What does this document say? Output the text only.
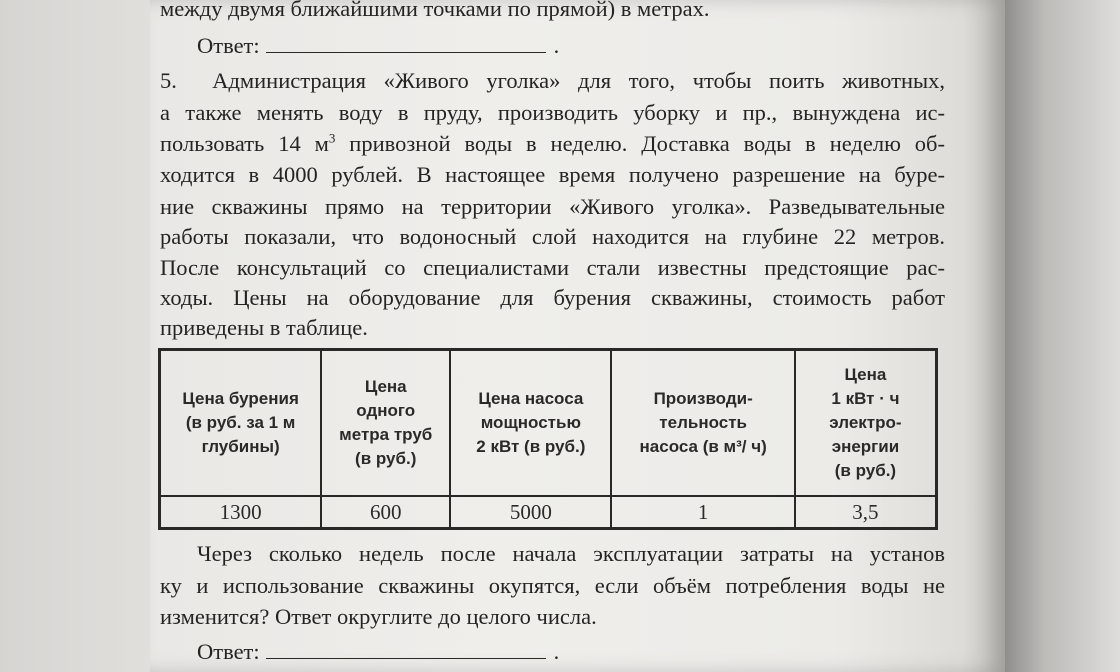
между двумя ближайшими точками по прямой) в метрах.
Ответ:	.
5. Администрация «Живого уголка» для того, чтобы поить животных,
а также менять воду в пруду, производить уборку и пр., вынуждена ис-
пользовать 14 $м^3$ привозной воды в неделю. Доставка воды в неделю об-
ходится в 4000 рублей. В настоящее время получено разрешение на буре-
ние скважины прямо на территории «Живого уголка». Разведывательные
работы показали, что водоносный слой находится на глубине 22 метров.
После консультаций со специалистами стали известны предстоящие рас-
ходы. Цены на оборудование для бурения скважины, стоимость работ
приведены в таблице.
Цена бурения
(в руб. за 1 м
глубины)	Цена
одного
метра труб
(в руб.)	Цена насоса
мощностью
2 кВт (в руб.)	Производи-
тельность
насоса (в м³/ ч)	Цена
1 кВт · ч
электро-
энергии
(в руб.)

1300	600	5000	1	3,5
Через сколько недель после начала эксплуатации затраты на установ
ку и использование скважины окупятся, если объём потребления воды не
изменится? Ответ округлите до целого числа.
Ответ:	.
